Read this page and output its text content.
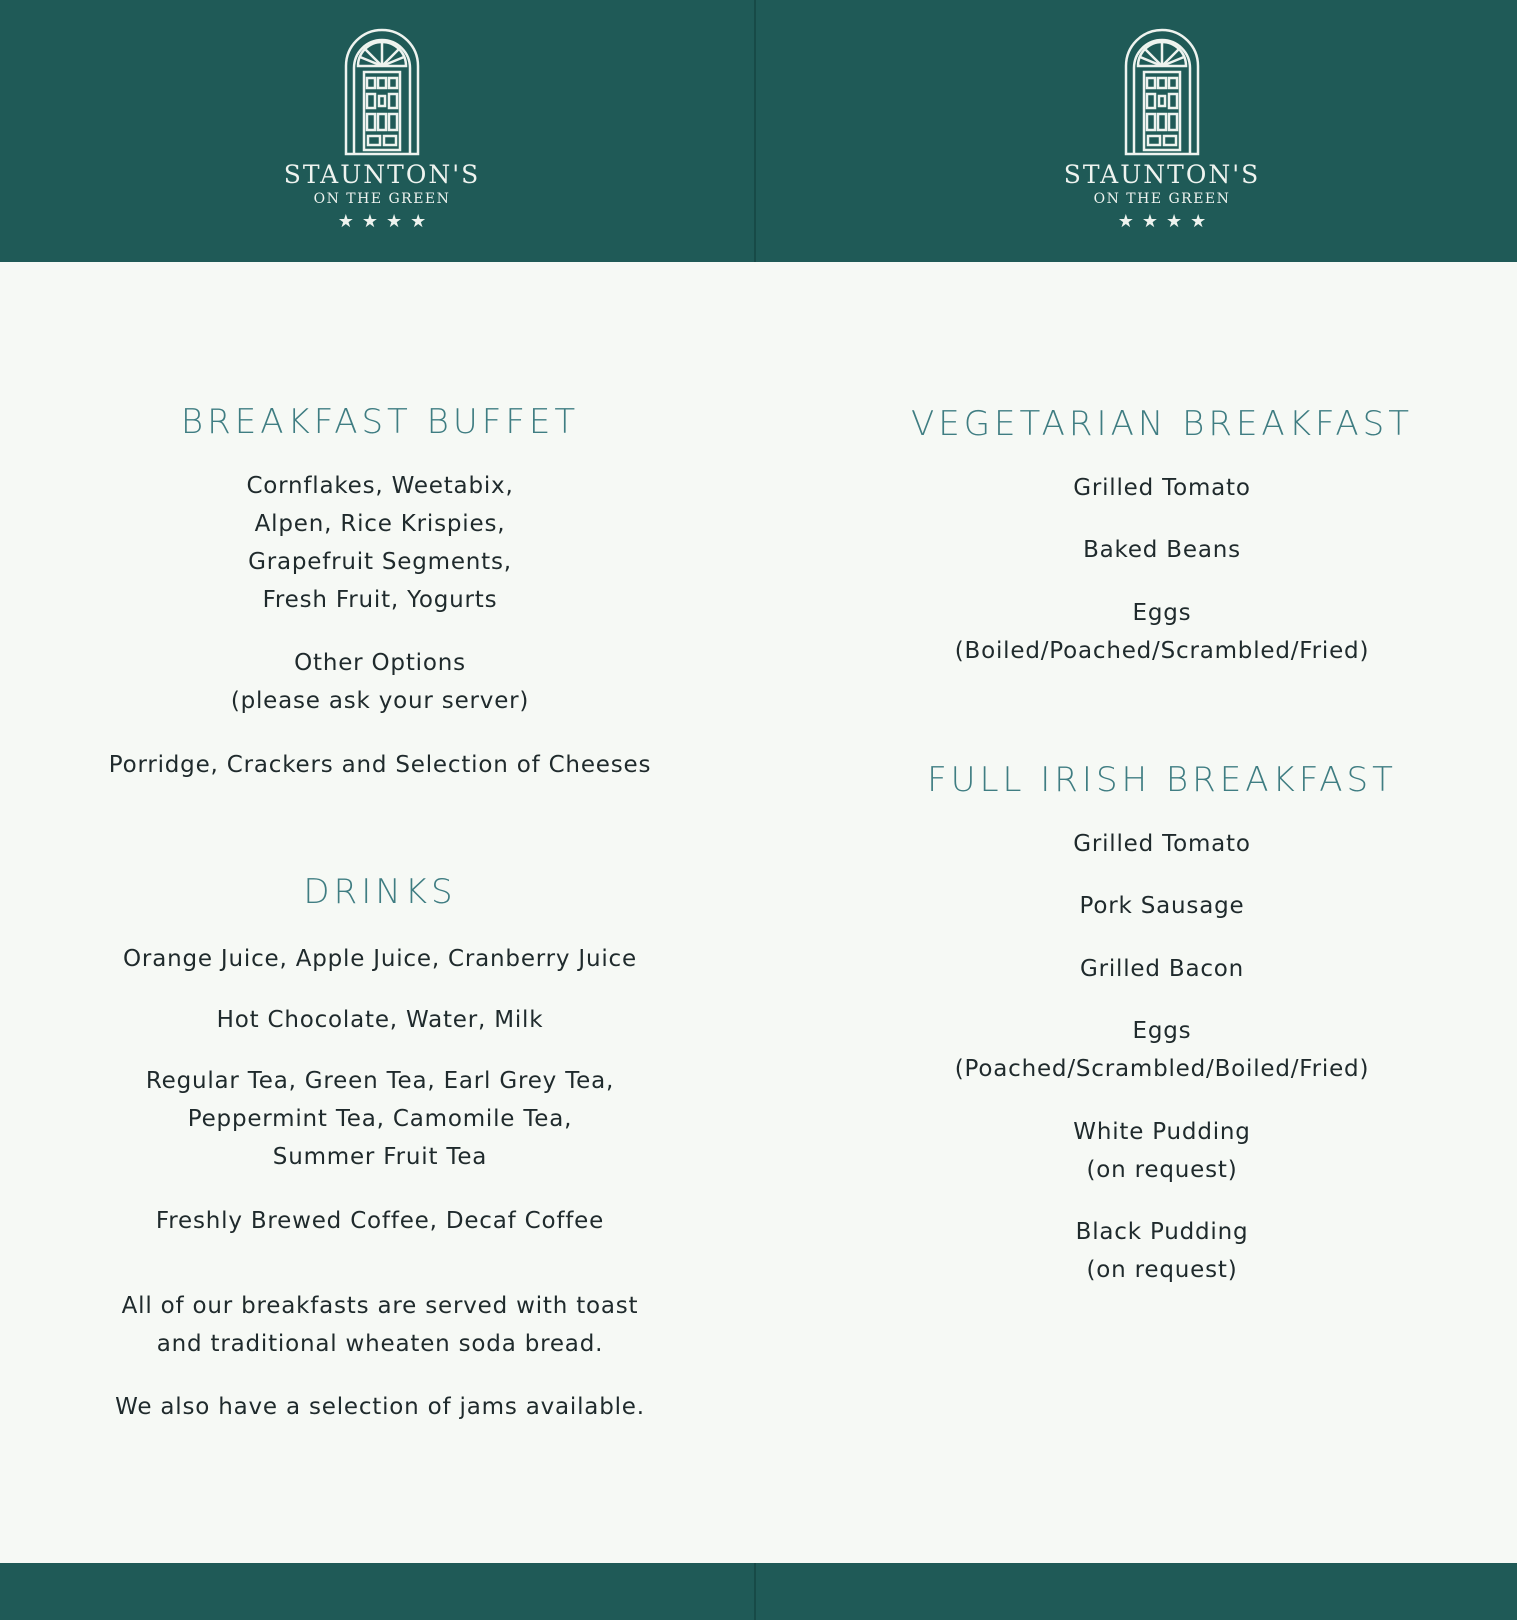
STAUNTON'S
ON THE GREEN
★★★★
STAUNTON'S
ON THE GREEN
★★★★
BREAKFAST BUFFET
Cornflakes, Weetabix,
Alpen, Rice Krispies,
Grapefruit Segments,
Fresh Fruit, Yogurts
Other Options
(please ask your server)
Porridge, Crackers and Selection of Cheeses
DRINKS
Orange Juice, Apple Juice, Cranberry Juice
Hot Chocolate, Water, Milk
Regular Tea, Green Tea, Earl Grey Tea,
Peppermint Tea, Camomile Tea,
Summer Fruit Tea
Freshly Brewed Coffee, Decaf Coffee
All of our breakfasts are served with toast
and traditional wheaten soda bread.
We also have a selection of jams available.
VEGETARIAN BREAKFAST
Grilled Tomato
Baked Beans
Eggs
(Boiled/Poached/Scrambled/Fried)
FULL IRISH BREAKFAST
Grilled Tomato
Pork Sausage
Grilled Bacon
Eggs
(Poached/Scrambled/Boiled/Fried)
White Pudding
(on request)
Black Pudding
(on request)
